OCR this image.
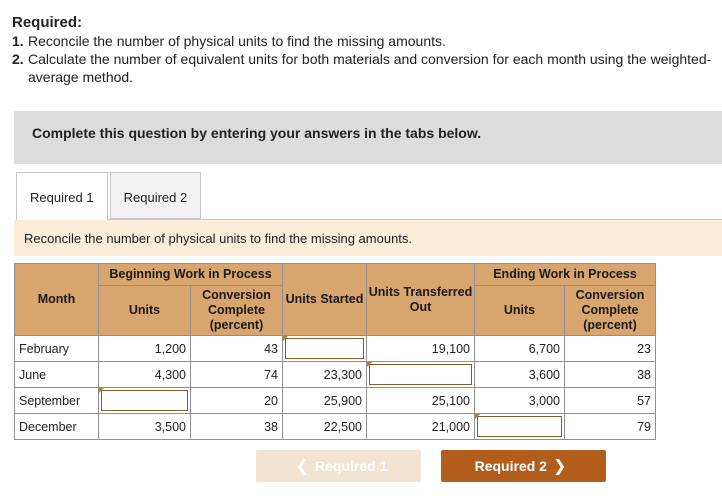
Required:
1. Reconcile the number of physical units to find the missing amounts.
2. Calculate the number of equivalent units for both materials and conversion for each month using the weighted-average method.
Complete this question by entering your answers in the tabs below.
Required 1	Required 2
Reconcile the number of physical units to find the missing amounts.
Month	Beginning Work in Process		Units Started	Units Transferred Out	Ending Work in Process	
	Units	Conversion Complete (percent)			Units	Conversion Complete (percent)
February	1,200	43		19,100	6,700	23
June	4,300	74	23,300		3,600	38
September		20	25,900	25,100	3,000	57
December	3,500	38	22,500	21,000		79
❮ Required 1	Required 2 ❯
